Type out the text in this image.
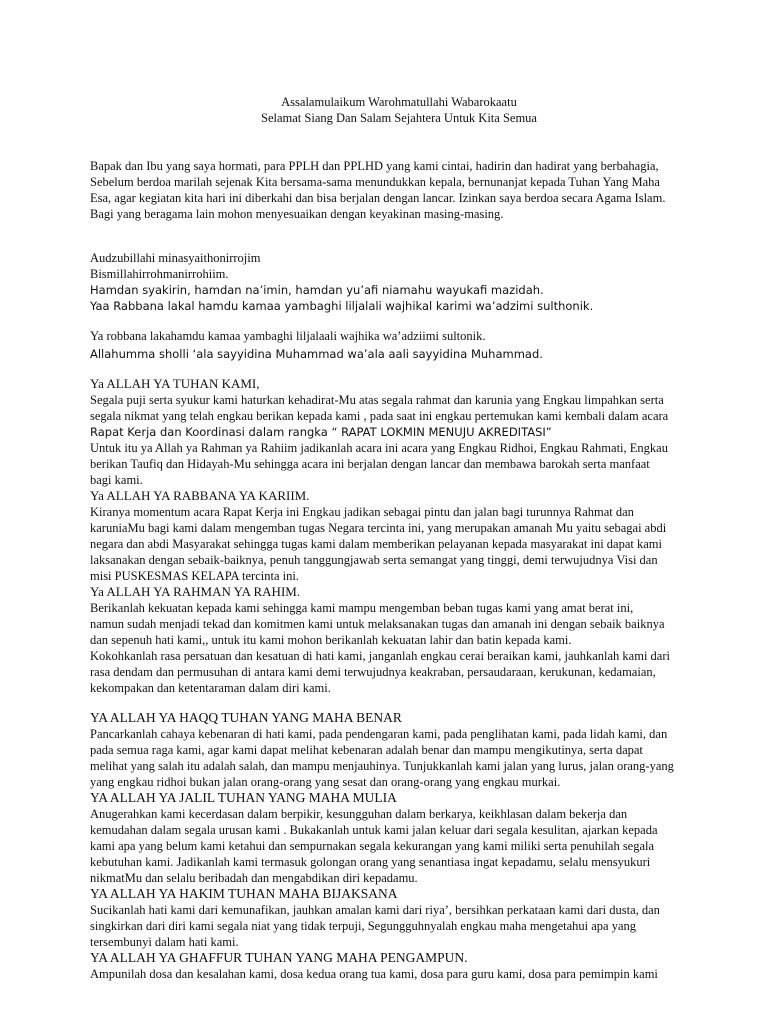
Assalamulaikum Warohmatullahi Wabarokaatu

Selamat Siang Dan Salam Sejahtera Untuk Kita Semua

Bapak dan Ibu yang saya hormati, para PPLH dan PPLHD yang kami cintai, hadirin dan hadirat yang berbahagia,

Sebelum berdoa marilah sejenak Kita bersama-sama menundukkan kepala, bernunanjat kepada Tuhan Yang Maha

Esa, agar kegiatan kita hari ini diberkahi dan bisa berjalan dengan lancar. Izinkan saya berdoa secara Agama Islam.

Bagi yang beragama lain mohon menyesuaikan dengan keyakinan masing-masing.

Audzubillahi minasyaithonirrojim

Bismillahirrohmanirrohiim.

Hamdan syakirin, hamdan na’imin, hamdan yu’afi niamahu wayukafi mazidah.

Yaa Rabbana lakal hamdu kamaa yambaghi liljalali wajhikal karimi wa’adzimi sulthonik.

Ya robbana lakahamdu kamaa yambaghi liljalaali wajhika wa’adziimi sultonik.

Allahumma sholli ‘ala sayyidina Muhammad wa’ala aali sayyidina Muhammad.

Ya ALLAH YA TUHAN KAMI,

Segala puji serta syukur kami haturkan kehadirat-Mu atas segala rahmat dan karunia yang Engkau limpahkan serta

segala nikmat yang telah engkau berikan kepada kami , pada saat ini engkau pertemukan kami kembali dalam acara

Rapat Kerja dan Koordinasi dalam rangka “ RAPAT LOKMIN MENUJU AKREDITASI”

Untuk itu ya Allah ya Rahman ya Rahiim jadikanlah acara ini acara yang Engkau Ridhoi, Engkau Rahmati, Engkau

berikan Taufiq dan Hidayah-Mu sehingga acara ini berjalan dengan lancar dan membawa barokah serta manfaat

bagi kami.

Ya ALLAH YA RABBANA YA KARIIM.

Kiranya momentum acara Rapat Kerja ini Engkau jadikan sebagai pintu dan jalan bagi turunnya Rahmat dan

karuniaMu bagi kami dalam mengemban tugas Negara tercinta ini, yang merupakan amanah Mu yaitu sebagai abdi

negara dan abdi Masyarakat sehingga tugas kami dalam memberikan pelayanan kepada masyarakat ini dapat kami

laksanakan dengan sebaik-baiknya, penuh tanggungjawab serta semangat yang tinggi, demi terwujudnya Visi dan

misi PUSKESMAS KELAPA tercinta ini.

Ya ALLAH YA RAHMAN YA RAHIM.

Berikanlah kekuatan kepada kami sehingga kami mampu mengemban beban tugas kami yang amat berat ini,

namun sudah menjadi tekad dan komitmen kami untuk melaksanakan tugas dan amanah ini dengan sebaik baiknya

dan sepenuh hati kami,, untuk itu kami mohon berikanlah kekuatan lahir dan batin kepada kami.

Kokohkanlah rasa persatuan dan kesatuan di hati kami, janganlah engkau cerai beraikan kami, jauhkanlah kami dari

rasa dendam dan permusuhan di antara kami demi terwujudnya keakraban, persaudaraan, kerukunan, kedamaian,

kekompakan dan ketentaraman dalam diri kami.

YA ALLAH YA HAQQ TUHAN YANG MAHA BENAR

Pancarkanlah cahaya kebenaran di hati kami, pada pendengaran kami, pada penglihatan kami, pada lidah kami, dan

pada semua raga kami, agar kami dapat melihat kebenaran adalah benar dan mampu mengikutinya, serta dapat

melihat yang salah itu adalah salah, dan mampu menjauhinya. Tunjukkanlah kami jalan yang lurus, jalan orang-yang

yang engkau ridhoi bukan jalan orang-orang yang sesat dan orang-orang yang engkau murkai.

YA ALLAH YA JALIL TUHAN YANG MAHA MULIA

Anugerahkan kami kecerdasan dalam berpikir, kesungguhan dalam berkarya, keikhlasan dalam bekerja dan

kemudahan dalam segala urusan kami . Bukakanlah untuk kami jalan keluar dari segala kesulitan, ajarkan kepada

kami apa yang belum kami ketahui dan sempurnakan segala kekurangan yang kami miliki serta penuhilah segala

kebutuhan kami. Jadikanlah kami termasuk golongan orang yang senantiasa ingat kepadamu, selalu mensyukuri

nikmatMu dan selalu beribadah dan mengabdikan diri kepadamu.

YA ALLAH YA HAKIM TUHAN MAHA BIJAKSANA

Sucikanlah hati kami dari kemunafikan, jauhkan amalan kami dari riya’, bersihkan perkataan kami dari dusta, dan

singkirkan dari diri kami segala niat yang tidak terpuji, Segungguhnyalah engkau maha mengetahui apa yang

tersembunyi dalam hati kami.

YA ALLAH YA GHAFFUR TUHAN YANG MAHA PENGAMPUN.

Ampunilah dosa dan kesalahan kami, dosa kedua orang tua kami, dosa para guru kami, dosa para pemimpin kami
